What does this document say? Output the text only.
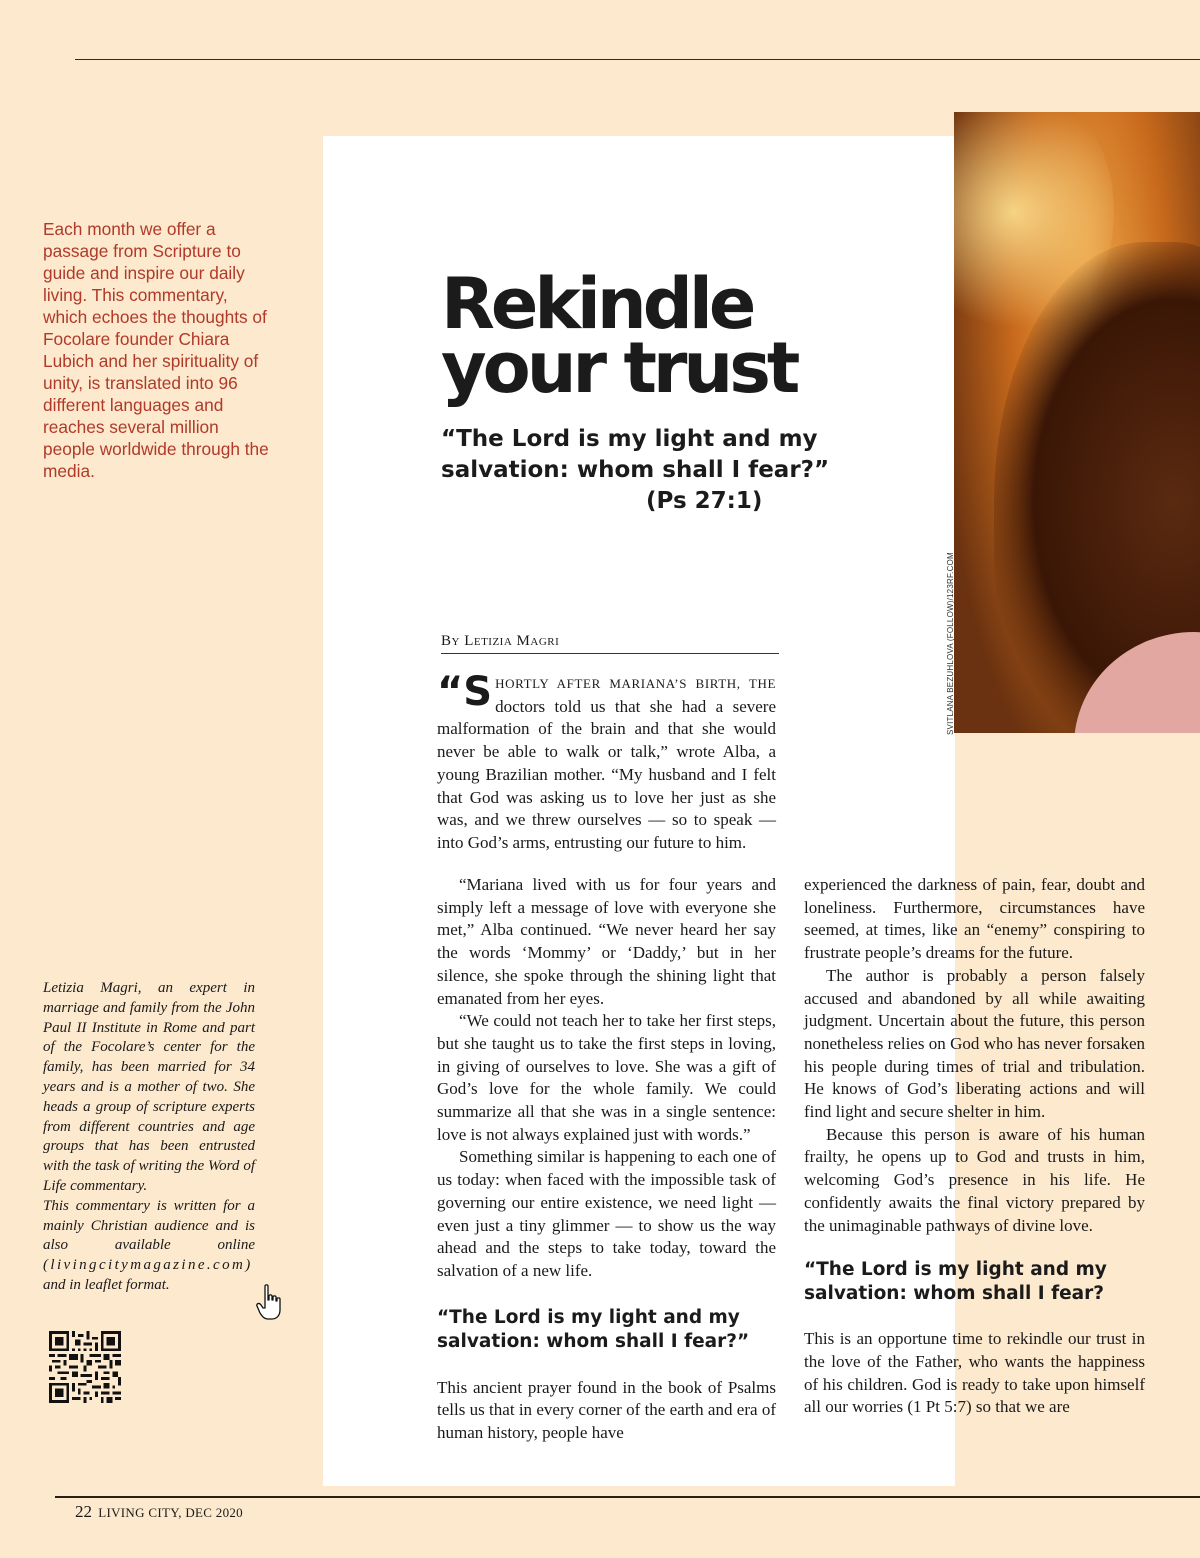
Each month we offer a passage from Scripture to guide and inspire our daily living. This commentary, which echoes the thoughts of Focolare founder Chiara Lubich and her spirituality of unity, is translated into 96 different languages and reaches several million people worldwide through the media.
SVITLANA BEZUHLOVA (FOLLOW)/123RF.COM
Rekindle
your trust
“The Lord is my light and my salvation: whom shall I fear?”
(Ps 27:1)
By Letizia Magri
“SHORTLY AFTER MARIANA’S BIRTH, THE doctors told us that she had a severe malformation of the brain and that she would never be able to walk or talk,” wrote Alba, a young Brazilian mother. “My husband and I felt that God was asking us to love her just as she was, and we threw ourselves — so to speak — into God’s arms, entrusting our future to him.

“Mariana lived with us for four years and simply left a message of love with everyone she met,” Alba continued. “We never heard her say the words ‘Mommy’ or ‘Daddy,’ but in her silence, she spoke through the shining light that emanated from her eyes.

“We could not teach her to take her first steps, but she taught us to take the first steps in loving, in giving of ourselves to love. She was a gift of God’s love for the whole family. We could summarize all that she was in a single sentence: love is not always explained just with words.”

Something similar is happening to each one of us today: when faced with the impossible task of governing our entire existence, we need light — even just a tiny glimmer — to show us the way ahead and the steps to take today, toward the salvation of a new life.

“The Lord is my light and my salvation: whom shall I fear?”

This ancient prayer found in the book of Psalms tells us that in every corner of the earth and era of human history, people have

experienced the darkness of pain, fear, doubt and loneliness. Furthermore, circumstances have seemed, at times, like an “enemy” conspiring to frustrate people’s dreams for the future.

The author is probably a person falsely accused and abandoned by all while awaiting judgment. Uncertain about the future, this person nonetheless relies on God who has never forsaken his people during times of trial and tribulation. He knows of God’s liberating actions and will find light and secure shelter in him.

Because this person is aware of his human frailty, he opens up to God and trusts in him, welcoming God’s presence in his life. He confidently awaits the final victory prepared by the unimaginable pathways of divine love.

“The Lord is my light and my salvation: whom shall I fear?

This is an opportune time to rekindle our trust in the love of the Father, who wants the happiness of his children. God is ready to take upon himself all our worries (1 Pt 5:7) so that we are

Letizia Magri, an expert in marriage and family from the John Paul II Institute in Rome and part of the Focolare’s center for the family, has been married for 34 years and is a mother of two. She heads a group of scripture experts from different countries and age groups that has been entrusted with the task of writing the Word of Life commentary.
This commentary is written for a mainly Christian audience and is also available online (livingcitymagazine.com) and in leaflet format.
22 LIVING CITY, DEC 2020
